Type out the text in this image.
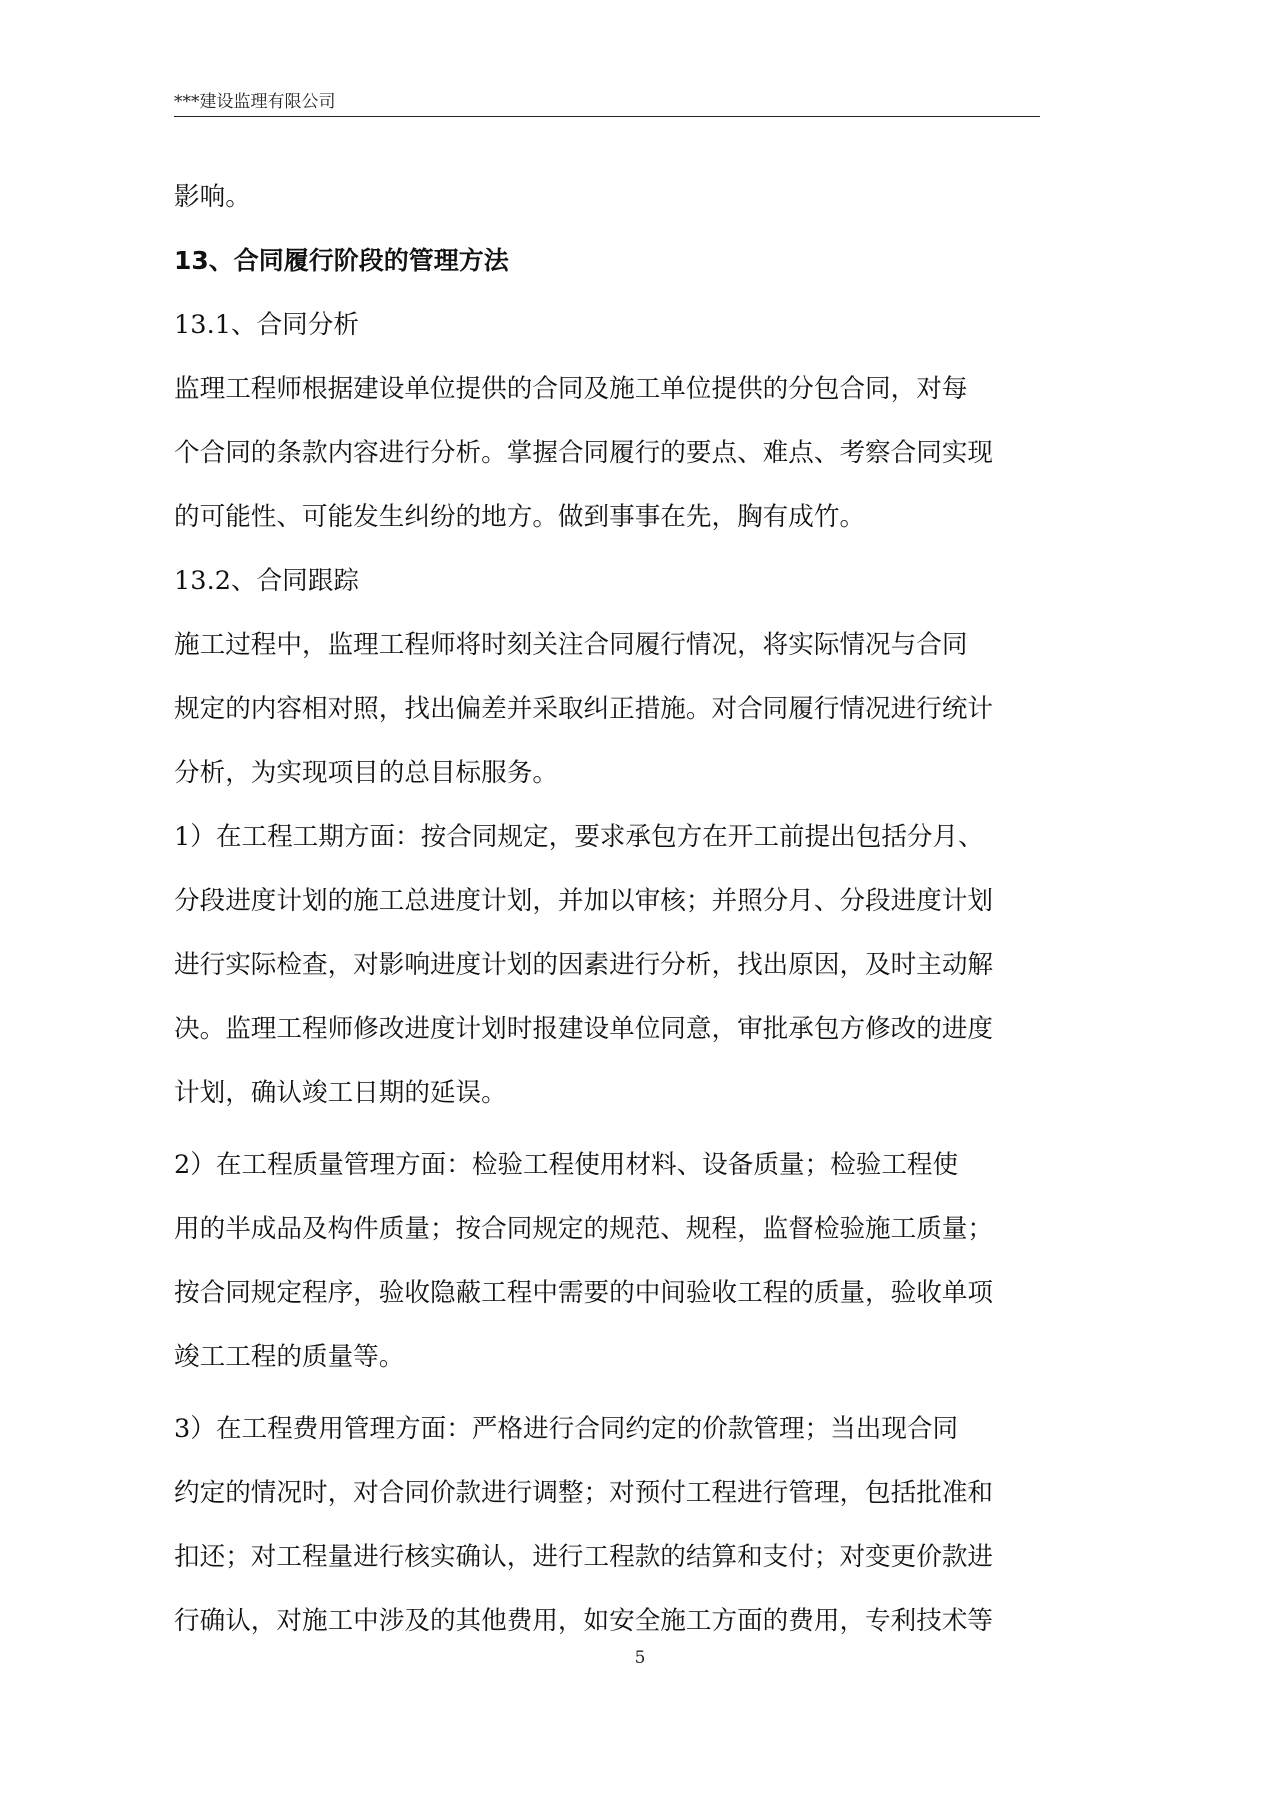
***建设监理有限公司

影响。

13、合同履行阶段的管理方法

13.1、合同分析

监理工程师根据建设单位提供的合同及施工单位提供的分包合同，对每

个合同的条款内容进行分析。掌握合同履行的要点、难点、考察合同实现

的可能性、可能发生纠纷的地方。做到事事在先，胸有成竹。

13.2、合同跟踪

施工过程中，监理工程师将时刻关注合同履行情况，将实际情况与合同

规定的内容相对照，找出偏差并采取纠正措施。对合同履行情况进行统计

分析，为实现项目的总目标服务。

1）在工程工期方面：按合同规定，要求承包方在开工前提出包括分月、

分段进度计划的施工总进度计划，并加以审核；并照分月、分段进度计划

进行实际检查，对影响进度计划的因素进行分析，找出原因，及时主动解

决。监理工程师修改进度计划时报建设单位同意，审批承包方修改的进度

计划，确认竣工日期的延误。

2）在工程质量管理方面：检验工程使用材料、设备质量；检验工程使

用的半成品及构件质量；按合同规定的规范、规程，监督检验施工质量；

按合同规定程序，验收隐蔽工程中需要的中间验收工程的质量，验收单项

竣工工程的质量等。

3）在工程费用管理方面：严格进行合同约定的价款管理；当出现合同

约定的情况时，对合同价款进行调整；对预付工程进行管理，包括批准和

扣还；对工程量进行核实确认，进行工程款的结算和支付；对变更价款进

行确认，对施工中涉及的其他费用，如安全施工方面的费用，专利技术等

5
